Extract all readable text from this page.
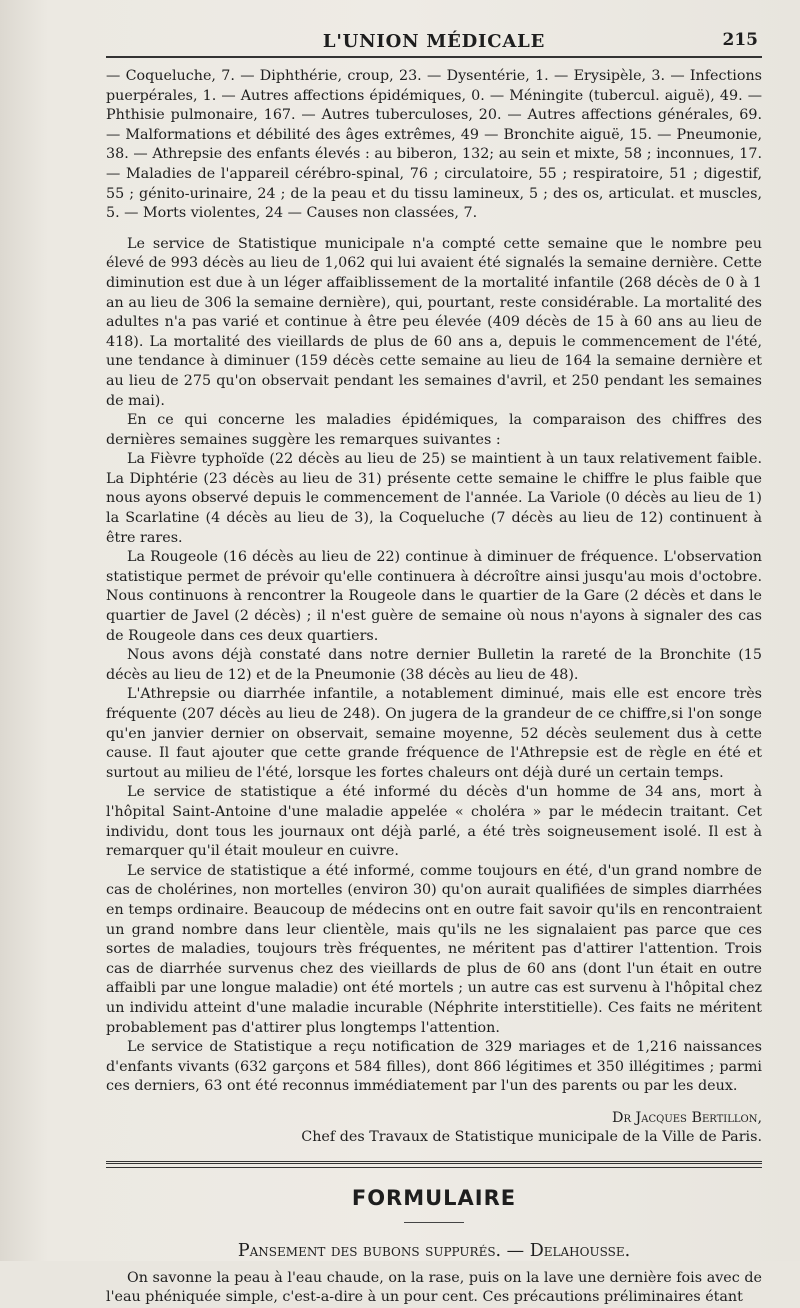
L'UNION MÉDICALE	215

— Coqueluche, 7. — Diphthérie, croup, 23. — Dysentérie, 1. — Erysipèle, 3. — Infections puerpérales, 1. — Autres affections épidémiques, 0. — Méningite (tubercul. aiguë), 49. — Phthisie pulmonaire, 167. — Autres tuberculoses, 20. — Autres affections générales, 69. — Malformations et débilité des âges extrêmes, 49 — Bronchite aiguë, 15. — Pneumonie, 38. — Athrepsie des enfants élevés : au biberon, 132; au sein et mixte, 58 ; inconnues, 17. — Maladies de l'appareil cérébro-spinal, 76 ; circulatoire, 55 ; respiratoire, 51 ; digestif, 55 ; génito-urinaire, 24 ; de la peau et du tissu lamineux, 5 ; des os, articulat. et muscles, 5. — Morts violentes, 24 — Causes non classées, 7.

Le service de Statistique municipale n'a compté cette semaine que le nombre peu élevé de 993 décès au lieu de 1,062 qui lui avaient été signalés la semaine dernière. Cette diminution est due à un léger affaiblissement de la mortalité infantile (268 décès de 0 à 1 an au lieu de 306 la semaine dernière), qui, pourtant, reste considérable. La mortalité des adultes n'a pas varié et continue à être peu élevée (409 décès de 15 à 60 ans au lieu de 418). La mortalité des vieillards de plus de 60 ans a, depuis le commencement de l'été, une tendance à diminuer (159 décès cette semaine au lieu de 164 la semaine dernière et au lieu de 275 qu'on observait pendant les semaines d'avril, et 250 pendant les semaines de mai).

En ce qui concerne les maladies épidémiques, la comparaison des chiffres des dernières semaines suggère les remarques suivantes :

La Fièvre typhoïde (22 décès au lieu de 25) se maintient à un taux relativement faible. La Diphtérie (23 décès au lieu de 31) présente cette semaine le chiffre le plus faible que nous ayons observé depuis le commencement de l'année. La Variole (0 décès au lieu de 1) la Scarlatine (4 décès au lieu de 3), la Coqueluche (7 décès au lieu de 12) continuent à être rares.

La Rougeole (16 décès au lieu de 22) continue à diminuer de fréquence. L'observation statistique permet de prévoir qu'elle continuera à décroître ainsi jusqu'au mois d'octobre. Nous continuons à rencontrer la Rougeole dans le quartier de la Gare (2 décès et dans le quartier de Javel (2 décès) ; il n'est guère de semaine où nous n'ayons à signaler des cas de Rougeole dans ces deux quartiers.

Nous avons déjà constaté dans notre dernier Bulletin la rareté de la Bronchite (15 décès au lieu de 12) et de la Pneumonie (38 décès au lieu de 48).

L'Athrepsie ou diarrhée infantile, a notablement diminué, mais elle est encore très fréquente (207 décès au lieu de 248). On jugera de la grandeur de ce chiffre,si l'on songe qu'en janvier dernier on observait, semaine moyenne, 52 décès seulement dus à cette cause. Il faut ajouter que cette grande fréquence de l'Athrepsie est de règle en été et surtout au milieu de l'été, lorsque les fortes chaleurs ont déjà duré un certain temps.

Le service de statistique a été informé du décès d'un homme de 34 ans, mort à l'hôpital Saint-Antoine d'une maladie appelée « choléra » par le médecin traitant. Cet individu, dont tous les journaux ont déjà parlé, a été très soigneusement isolé. Il est à remarquer qu'il était mouleur en cuivre.

Le service de statistique a été informé, comme toujours en été, d'un grand nombre de cas de cholérines, non mortelles (environ 30) qu'on aurait qualifiées de simples diarrhées en temps ordinaire. Beaucoup de médecins ont en outre fait savoir qu'ils en rencontraient un grand nombre dans leur clientèle, mais qu'ils ne les signalaient pas parce que ces sortes de maladies, toujours très fréquentes, ne méritent pas d'attirer l'attention. Trois cas de diarrhée survenus chez des vieillards de plus de 60 ans (dont l'un était en outre affaibli par une longue maladie) ont été mortels ; un autre cas est survenu à l'hôpital chez un individu atteint d'une maladie incurable (Néphrite interstitielle). Ces faits ne méritent probablement pas d'attirer plus longtemps l'attention.

Le service de Statistique a reçu notification de 329 mariages et de 1,216 naissances d'enfants vivants (632 garçons et 584 filles), dont 866 légitimes et 350 illégitimes ; parmi ces derniers, 63 ont été reconnus immédiatement par l'un des parents ou par les deux.

Dr Jacques Bertillon,
Chef des Travaux de Statistique municipale de la Ville de Paris.
FORMULAIRE
Pansement des bubons suppurés. — Delahousse.

On savonne la peau à l'eau chaude, on la rase, puis on la lave une dernière fois avec de l'eau phéniquée simple, c'est-a-dire à un pour cent. Ces précautions préliminaires étant
